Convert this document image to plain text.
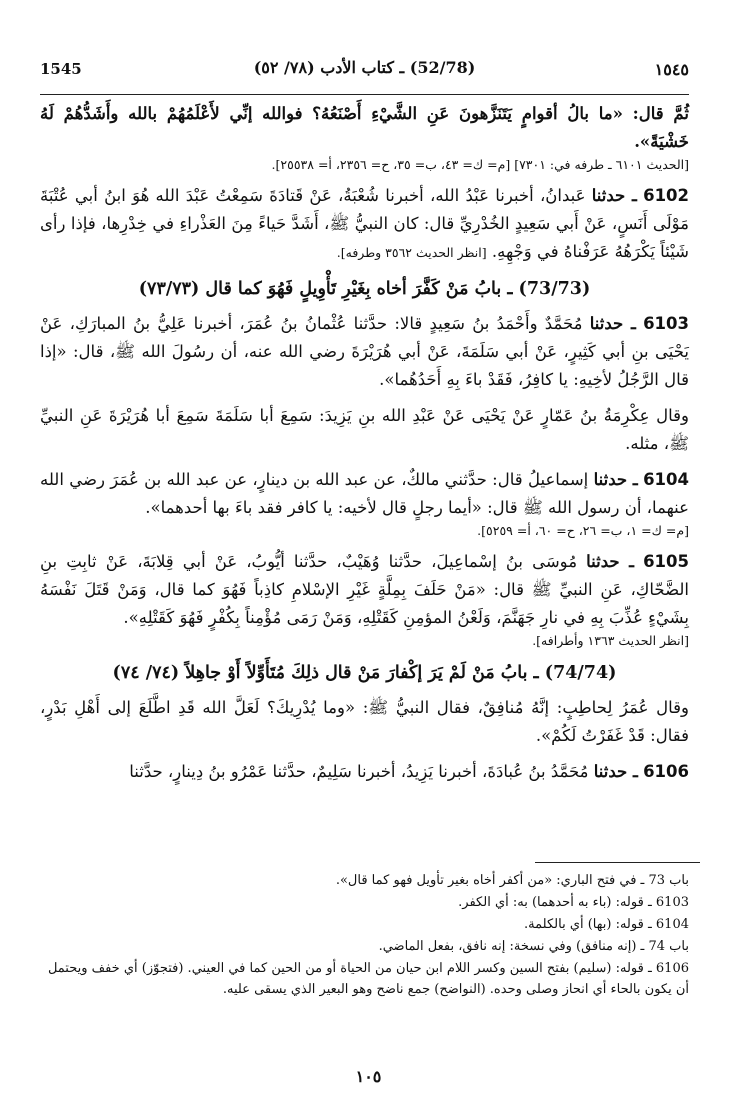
1545	(52/78) ـ كتاب الأدب (٧٨/ ٥٢)	١٥٤٥
ثُمَّ قال: «ما بالُ أقوامٍ يَتَنَزَّهونَ عَنِ الشَّيْءِ أَصْنَعُهُ؟ فوالله إنِّي لأَعْلَمُهُمْ بالله وأَشَدُّهُمْ لَهُ خَشْيَةً».
[الحديث ٦١٠١ ـ طرفه في: ٧٣٠١] [م= ك= ٤٣، ب= ٣٥، ح= ٢٣٥٦، أ= ٢٥٥٣٨].
6102 ـ حدثنا عَبدانُ، أخبرنا عَبْدُ الله، أخبرنا شُعْبَةُ، عَنْ قَتادَةَ سَمِعْتُ عَبْدَ الله هُوَ ابنُ أبي عُتْبَةَ مَوْلَى أَنَسٍ، عَنْ أَبي سَعِيدٍ الخُدْرِيِّ قال: كان النبيُّ ﷺ، أَشَدَّ حَياءً مِنَ العَذْراءِ في خِدْرِها، فإذا رأى شَيْئاً يَكْرَهُهُ عَرَفْناهُ في وَجْهِهِ. [انظر الحديث ٣٥٦٢ وطرفه].
(73/73) ـ بابُ مَنْ كَفَّرَ أخاه بِغَيْرِ تَأْوِيلٍ فَهُوَ كما قال (٧٣/٧٣)
6103 ـ حدثنا مُحَمَّدٌ وأَحْمَدُ بنُ سَعِيدٍ قالا: حدَّثنا عُثْمانُ بنُ عُمَرَ، أخبرنا عَلِيُّ بنُ المبارَكِ، عَنْ يَحْيَى بنِ أبي كَثِيرٍ، عَنْ أبي سَلَمَةَ، عَنْ أبي هُرَيْرَةَ رضي الله عنه، أن رسُولَ الله ﷺ، قال: «إذا قال الرَّجُلُ لأخِيهِ: يا كافِرُ، فَقَدْ باءَ بِهِ أَحَدُهُما».
وقال عِكْرِمَةُ بنُ عَمّارٍ عَنْ يَحْيَى عَنْ عَبْدِ الله بنِ يَزِيدَ: سَمِعَ أبا سَلَمَةَ سَمِعَ أبا هُرَيْرَةَ عَنِ النبيِّ ﷺ، مثله.
6104 ـ حدثنا إسماعيلُ قال: حدَّثني مالكٌ، عن عبد الله بن دينارٍ، عن عبد الله بن عُمَرَ رضي الله عنهما، أن رسول الله ﷺ قال: «أيما رجلٍ قال لأخيه: يا كافر فقد باءَ بها أحدهما».
[م= ك= ١، ب= ٢٦، ح= ٦٠، أ= ٥٢٥٩].
6105 ـ حدثنا مُوسَى بنُ إسْماعِيلَ، حدَّثنا وُهَيْبٌ، حدَّثنا أيُّوبُ، عَنْ أبي قِلابَةَ، عَنْ ثابِتِ بنِ الضَّحّاكِ، عَنِ النبيِّ ﷺ قال: «مَنْ حَلَفَ بِمِلَّةٍ غَيْرِ الإسْلامِ كاذِباً فَهُوَ كما قال، وَمَنْ قَتَلَ نَفْسَهُ بِشَيْءٍ عُذِّبَ بِهِ في نارِ جَهَنَّمَ، وَلَعْنُ المؤمِنِ كَقَتْلِهِ، وَمَنْ رَمَى مُؤْمِناً بِكُفْرٍ فَهُوَ كَقَتْلِهِ».
[انظر الحديث ١٣٦٣ وأطرافه].
(74/74) ـ بابُ مَنْ لَمْ يَرَ إكْفارَ مَنْ قال ذلِكَ مُتَأَوِّلاً أَوْ جاهِلاً (٧٤/ ٧٤)
وقال عُمَرُ لِحاطِبٍ: إنَّهُ مُنافِقٌ، فقال النبيُّ ﷺ: «وما يُدْرِيكَ؟ لَعَلَّ الله قَدِ اطَّلَعَ إلى أَهْلِ بَدْرٍ، فقال: قَدْ غَفَرْتُ لَكُمْ».
6106 ـ حدثنا مُحَمَّدُ بنُ عُبادَةَ، أخبرنا يَزِيدُ، أخبرنا سَلِيمٌ، حدَّثنا عَمْرُو بنُ دِينارٍ، حدَّثنا
باب 73 ـ في فتح الباري: «من أكفر أخاه بغير تأويل فهو كما قال».
6103 ـ قوله: (باء به أحدهما) به: أي الكفر.
6104 ـ قوله: (بها) أي بالكلمة.
باب 74 ـ (إنه منافق) وفي نسخة: إنه نافق، بفعل الماضي.
6106 ـ قوله: (سليم) بفتح السين وكسر اللام ابن حيان من الحياة أو من الحين كما في العيني. (فتجوّز) أي خفف ويحتمل أن يكون بالحاء أي انحاز وصلى وحده. (النواضح) جمع ناضح وهو البعير الذي يسقى عليه.
١٠٥
